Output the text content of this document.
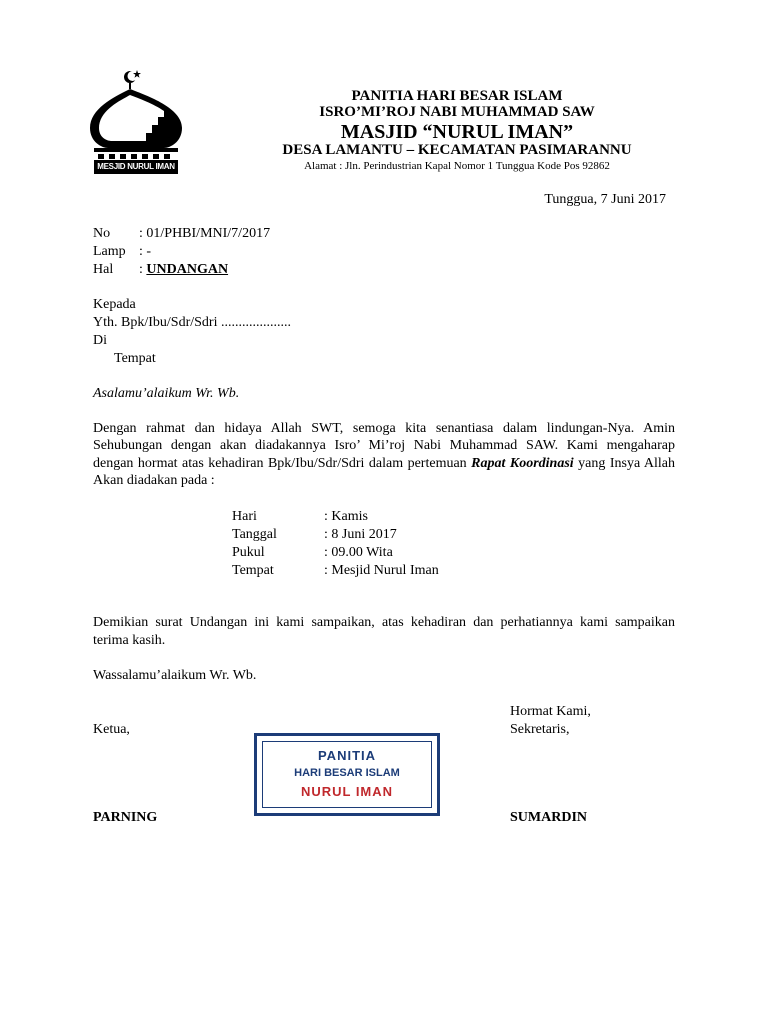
MESJID NURUL IMAN
PANITIA HARI BESAR ISLAM
ISRO’MI’ROJ NABI MUHAMMAD SAW
MASJID “NURUL IMAN”
DESA LAMANTU – KECAMATAN PASIMARANNU
Alamat : Jln. Perindustrian Kapal Nomor 1 Tunggua Kode Pos 92862
Tunggua, 7 Juni 2017
No : 01/PHBI/MNI/7/2017
Lamp : -
Hal : UNDANGAN
Kepada
Yth. Bpk/Ibu/Sdr/Sdri ....................
Di
Tempat
Asalamu’alaikum Wr. Wb.
Dengan rahmat dan hidaya Allah SWT, semoga kita senantiasa dalam lindungan-Nya. Amin
Sehubungan dengan akan diadakannya Isro’ Mi’roj Nabi Muhammad SAW. Kami mengaharap
dengan hormat atas kehadiran Bpk/Ibu/Sdr/Sdri dalam pertemuan Rapat Koordinasi yang Insya Allah
Akan diadakan pada :
Hari	: Kamis
Tanggal	: 8 Juni 2017
Pukul	: 09.00 Wita
Tempat	: Mesjid Nurul Iman
Demikian surat Undangan ini kami sampaikan, atas kehadiran dan perhatiannya kami sampaikan
terima kasih.
Wassalamu’alaikum Wr. Wb.
Hormat Kami,
Ketua,	Sekretaris,
PARNING	SUMARDIN
PANITIA
HARI BESAR ISLAM
NURUL IMAN
